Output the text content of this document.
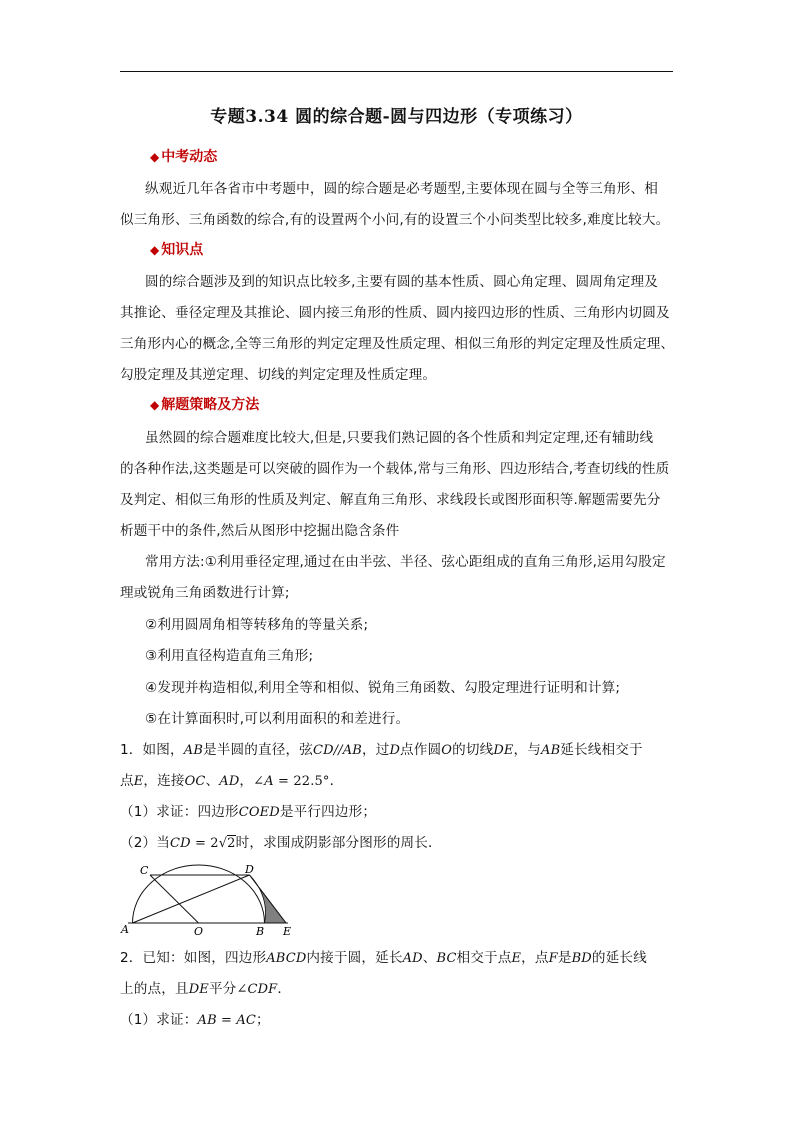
专题3.34 圆的综合题-圆与四边形（专项练习）
◆ 中考动态
纵观近几年各省市中考题中，圆的综合题是必考题型,主要体现在圆与全等三角形、相
似三角形、三角函数的综合,有的设置两个小问,有的设置三个小问类型比较多,难度比较大。
◆ 知识点
圆的综合题涉及到的知识点比较多,主要有圆的基本性质、圆心角定理、圆周角定理及
其推论、垂径定理及其推论、圆内接三角形的性质、圆内接四边形的性质、三角形内切圆及
三角形内心的概念,全等三角形的判定定理及性质定理、相似三角形的判定定理及性质定理、
勾股定理及其逆定理、切线的判定定理及性质定理。
◆ 解题策略及方法
虽然圆的综合题难度比较大,但是,只要我们熟记圆的各个性质和判定定理,还有辅助线
的各种作法,这类题是可以突破的圆作为一个载体,常与三角形、四边形结合,考查切线的性质
及判定、相似三角形的性质及判定、解直角三角形、求线段长或图形面积等.解题需要先分
析题干中的条件,然后从图形中挖掘出隐含条件
常用方法:①利用垂径定理,通过在由半弦、半径、弦心距组成的直角三角形,运用勾股定
理或锐角三角函数进行计算;
②利用圆周角相等转移角的等量关系;
③利用直径构造直角三角形;
④发现并构造相似,利用全等和相似、锐角三角函数、勾股定理进行证明和计算;
⑤在计算面积时,可以利用面积的和差进行。
1．如图，AB是半圆的直径，弦CD//AB，过D点作圆O的切线DE，与AB延长线相交于
点E，连接OC、AD，∠A = 22.5°．
（1）求证：四边形COED是平行四边形；
（2）当CD = 2√2时，求围成阴影部分图形的周长．
A	O	B E
C	D
2．已知：如图，四边形ABCD内接于圆，延长AD、BC相交于点E，点F是BD的延长线
上的点，且DE平分∠CDF．
（1）求证：AB = AC；
